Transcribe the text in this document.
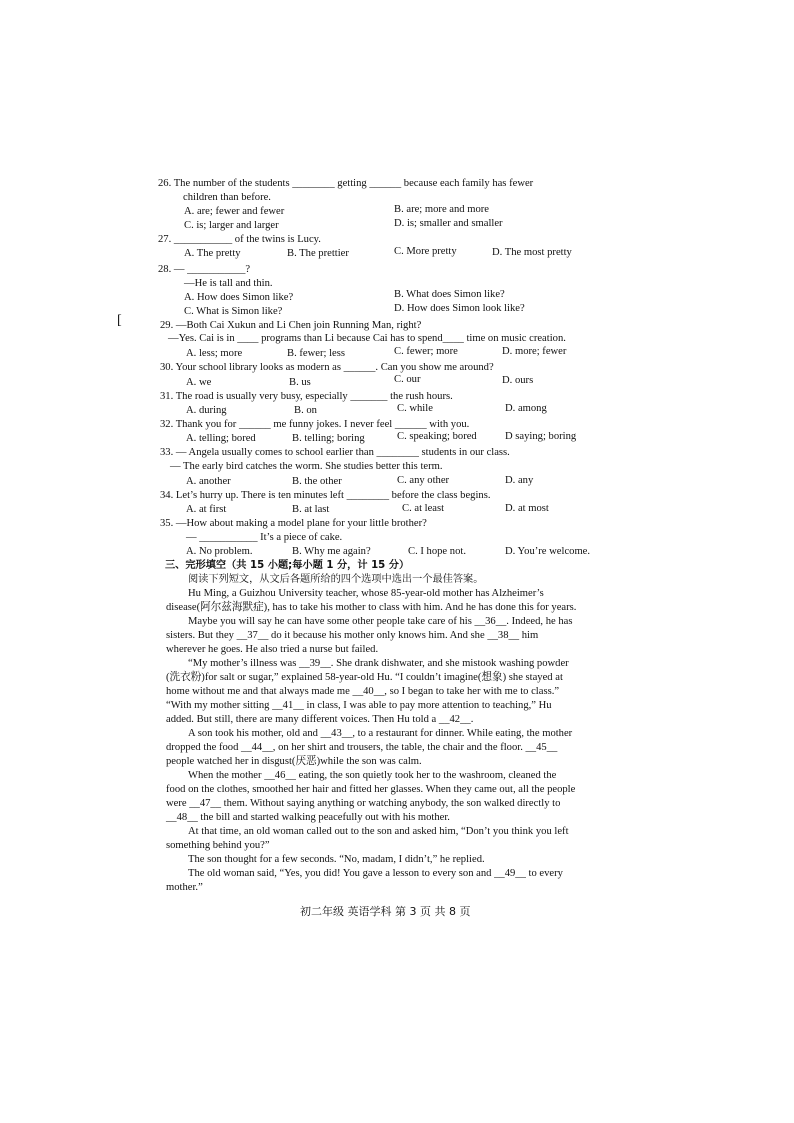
26. The number of the students ________ getting ______ because each family has fewer
children than before.
A. are; fewer and fewer	B. are; more and more
C. is; larger and larger	D. is; smaller and smaller
27. ___________ of the twins is Lucy.
A. The pretty	B. The prettier	C. More pretty	D. The most pretty
28. — ___________?
—He is tall and thin.
A. How does Simon like?	B. What does Simon like?
C. What is Simon like?	D. How does Simon look like?
[	29. —Both Cai Xukun and Li Chen join Running Man, right?
—Yes. Cai is in ____ programs than Li because Cai has to spend____ time on music creation.
A. less; more	B. fewer; less	C. fewer; more	D. more; fewer
30. Your school library looks as modern as ______. Can you show me around?
A. we	B. us	C. our	D. ours
31. The road is usually very busy, especially _______ the rush hours.
A. during	B. on	C. while	D. among
32. Thank you for ______ me funny jokes. I never feel ______ with you.
A. telling; bored	B. telling; boring	C. speaking; bored	D saying; boring
33. — Angela usually comes to school earlier than ________ students in our class.
— The early bird catches the worm. She studies better this term.
A. another	B. the other	C. any other	D. any
34. Let’s hurry up. There is ten minutes left ________ before the class begins.
A. at first	B. at last	C. at least	D. at most
35. —How about making a model plane for your little brother?
— ___________ It’s a piece of cake.
A. No problem.	B. Why me again?	C. I hope not.	D. You’re welcome.
三、完形填空（共 15 小题;每小题 1 分，计 15 分）
阅读下列短文，从文后各题所给的四个选项中选出一个最佳答案。
Hu Ming, a Guizhou University teacher, whose 85-year-old mother has Alzheimer’s
disease(阿尔兹海默症), has to take his mother to class with him. And he has done this for years.
Maybe you will say he can have some other people take care of his __36__. Indeed, he has
sisters. But they __37__ do it because his mother only knows him. And she __38__ him
wherever he goes. He also tried a nurse but failed.
“My mother’s illness was __39__. She drank dishwater, and she mistook washing powder
(洗衣粉)for salt or sugar,” explained 58-year-old Hu. “I couldn’t imagine(想象) she stayed at
home without me and that always made me __40__, so I began to take her with me to class.”
“With my mother sitting __41__ in class, I was able to pay more attention to teaching,” Hu
added. But still, there are many different voices. Then Hu told a __42__.
A son took his mother, old and __43__, to a restaurant for dinner. While eating, the mother
dropped the food __44__, on her shirt and trousers, the table, the chair and the floor. __45__
people watched her in disgust(厌恶)while the son was calm.
When the mother __46__ eating, the son quietly took her to the washroom, cleaned the
food on the clothes, smoothed her hair and fitted her glasses. When they came out, all the people
were __47__ them. Without saying anything or watching anybody, the son walked directly to
__48__ the bill and started walking peacefully out with his mother.
At that time, an old woman called out to the son and asked him, “Don’t you think you left
something behind you?”
The son thought for a few seconds. “No, madam, I didn’t,” he replied.
The old woman said, “Yes, you did! You gave a lesson to every son and __49__ to every
mother.”
初二年级 英语学科 第 3 页 共 8 页
